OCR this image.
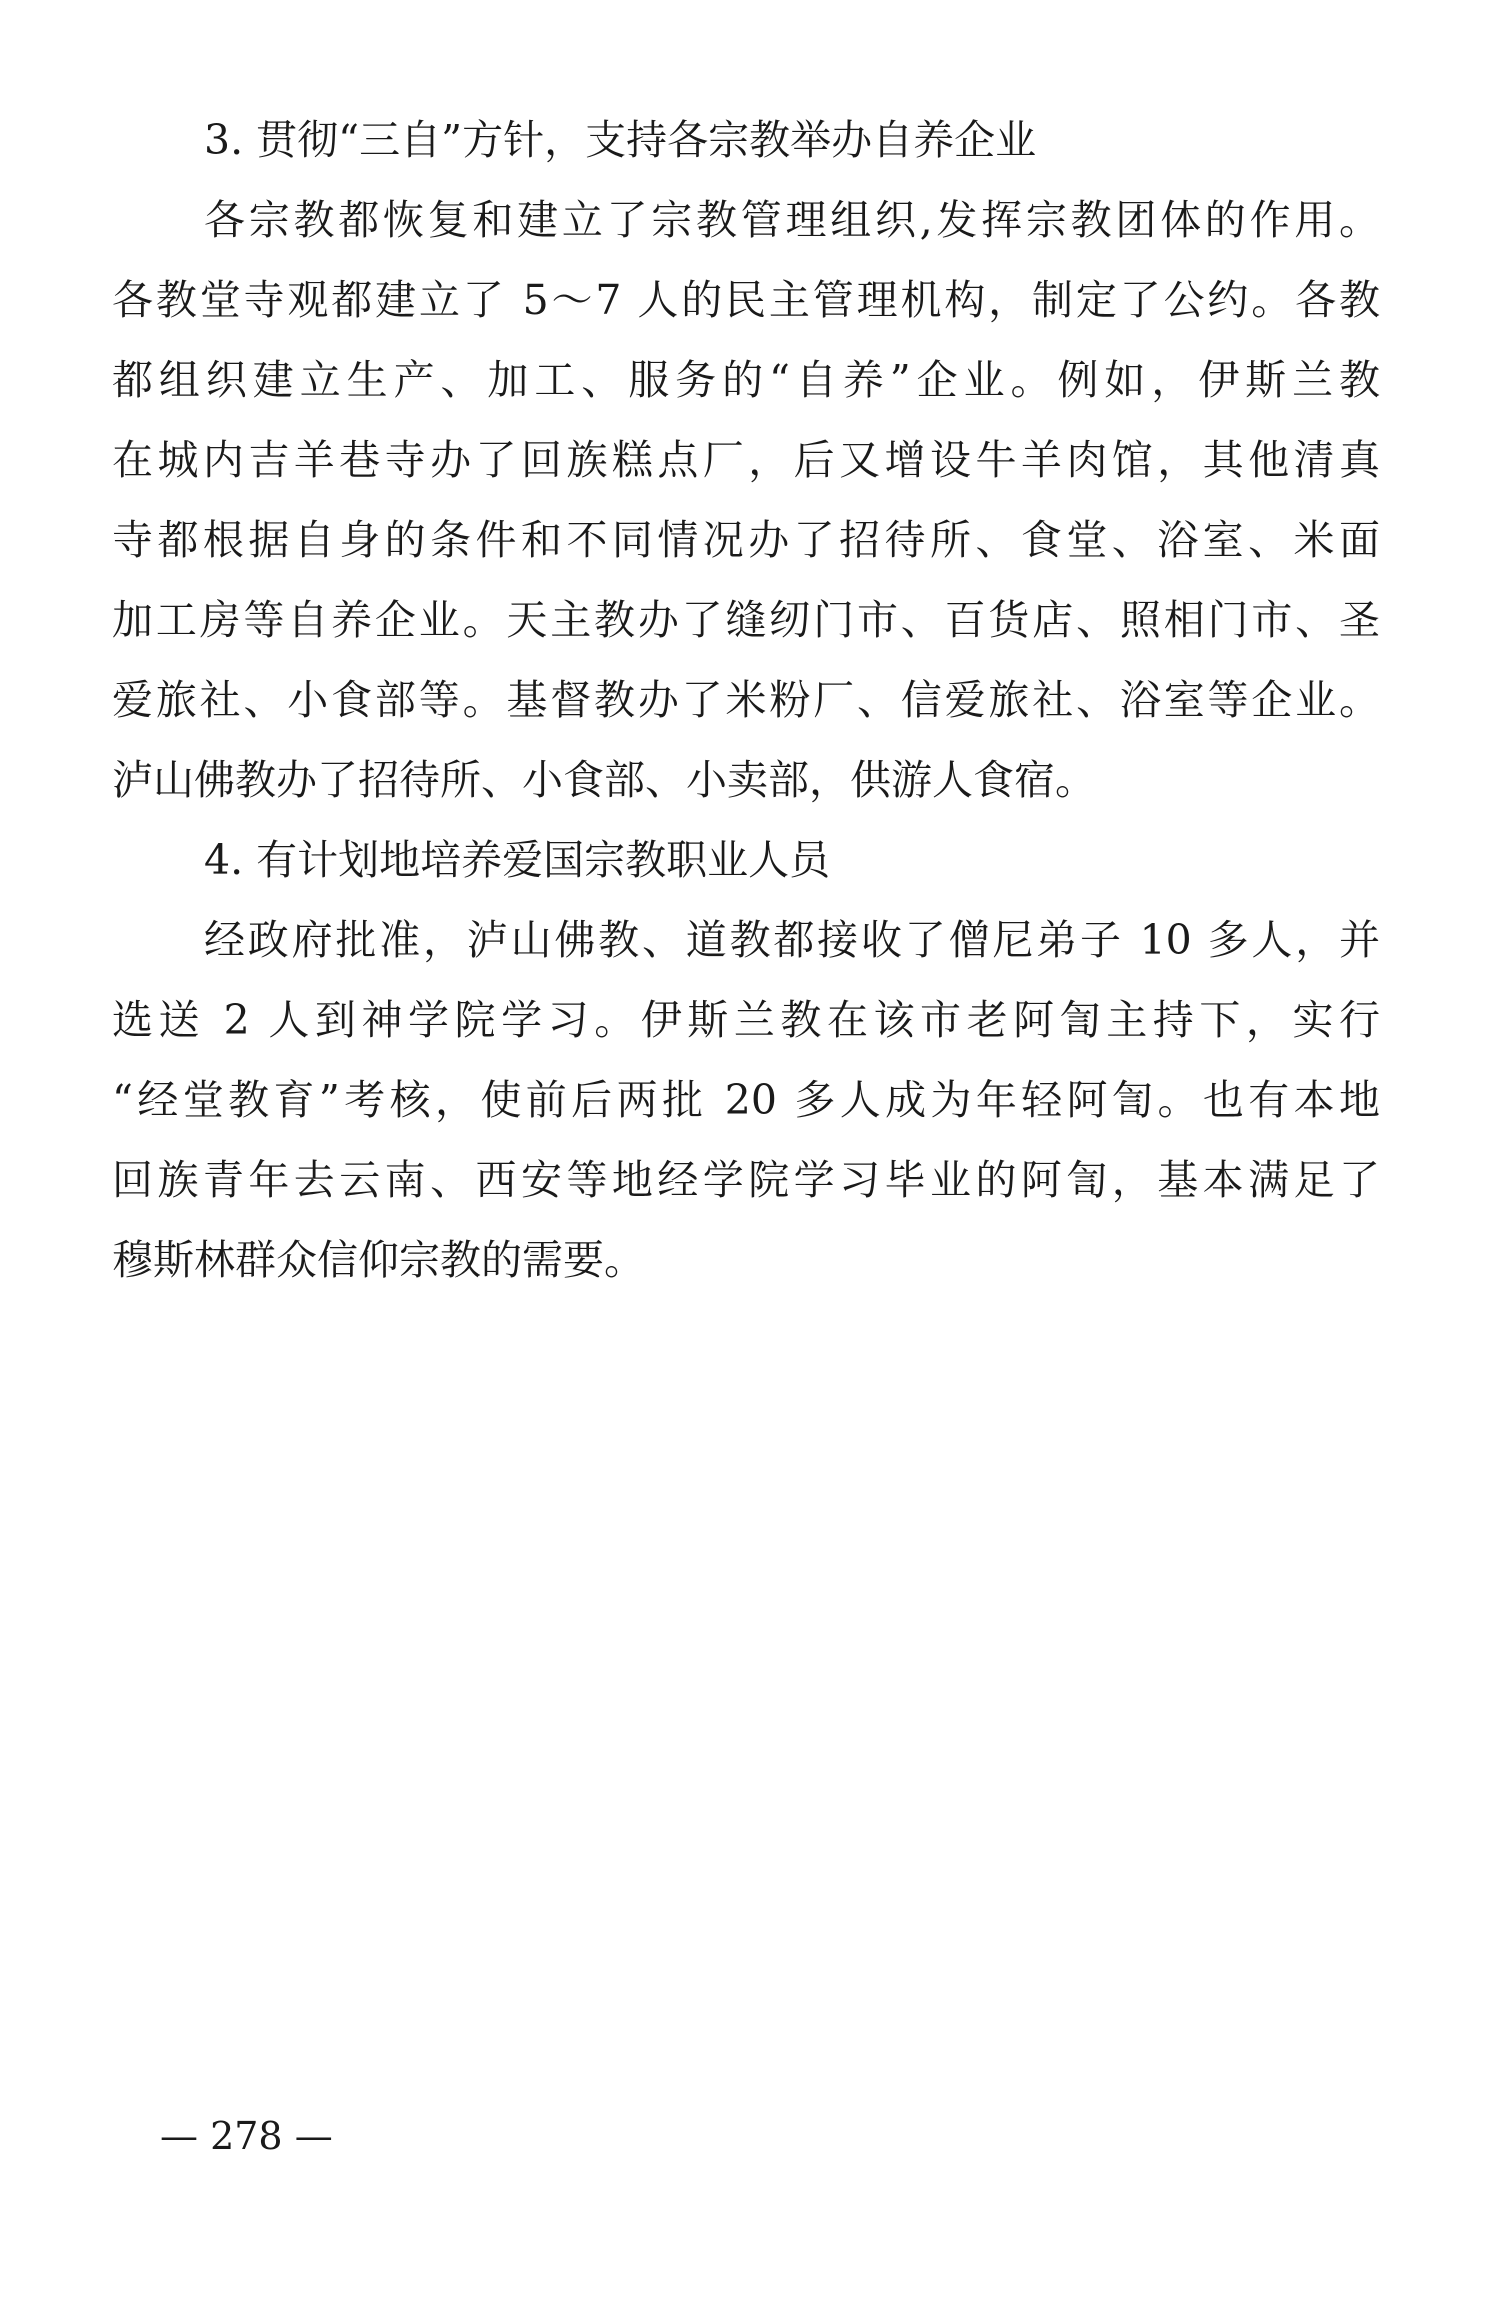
3. 贯彻“三自”方针，支持各宗教举办自养企业
各宗教都恢复和建立了宗教管理组织,发挥宗教团体的作用。
各教堂寺观都建立了 5～7 人的民主管理机构，制定了公约。各教
都组织建立生产、加工、服务的“自养”企业。例如，伊斯兰教
在城内吉羊巷寺办了回族糕点厂，后又增设牛羊肉馆，其他清真
寺都根据自身的条件和不同情况办了招待所、食堂、浴室、米面
加工房等自养企业。天主教办了缝纫门市、百货店、照相门市、圣
爱旅社、小食部等。基督教办了米粉厂、信爱旅社、浴室等企业。
泸山佛教办了招待所、小食部、小卖部，供游人食宿。
4. 有计划地培养爱国宗教职业人员
经政府批准，泸山佛教、道教都接收了僧尼弟子 10 多人，并
选送 2 人到神学院学习。伊斯兰教在该市老阿訇主持下，实行
“经堂教育”考核，使前后两批 20 多人成为年轻阿訇。也有本地
回族青年去云南、西安等地经学院学习毕业的阿訇，基本满足了
穆斯林群众信仰宗教的需要。
— 278 —
